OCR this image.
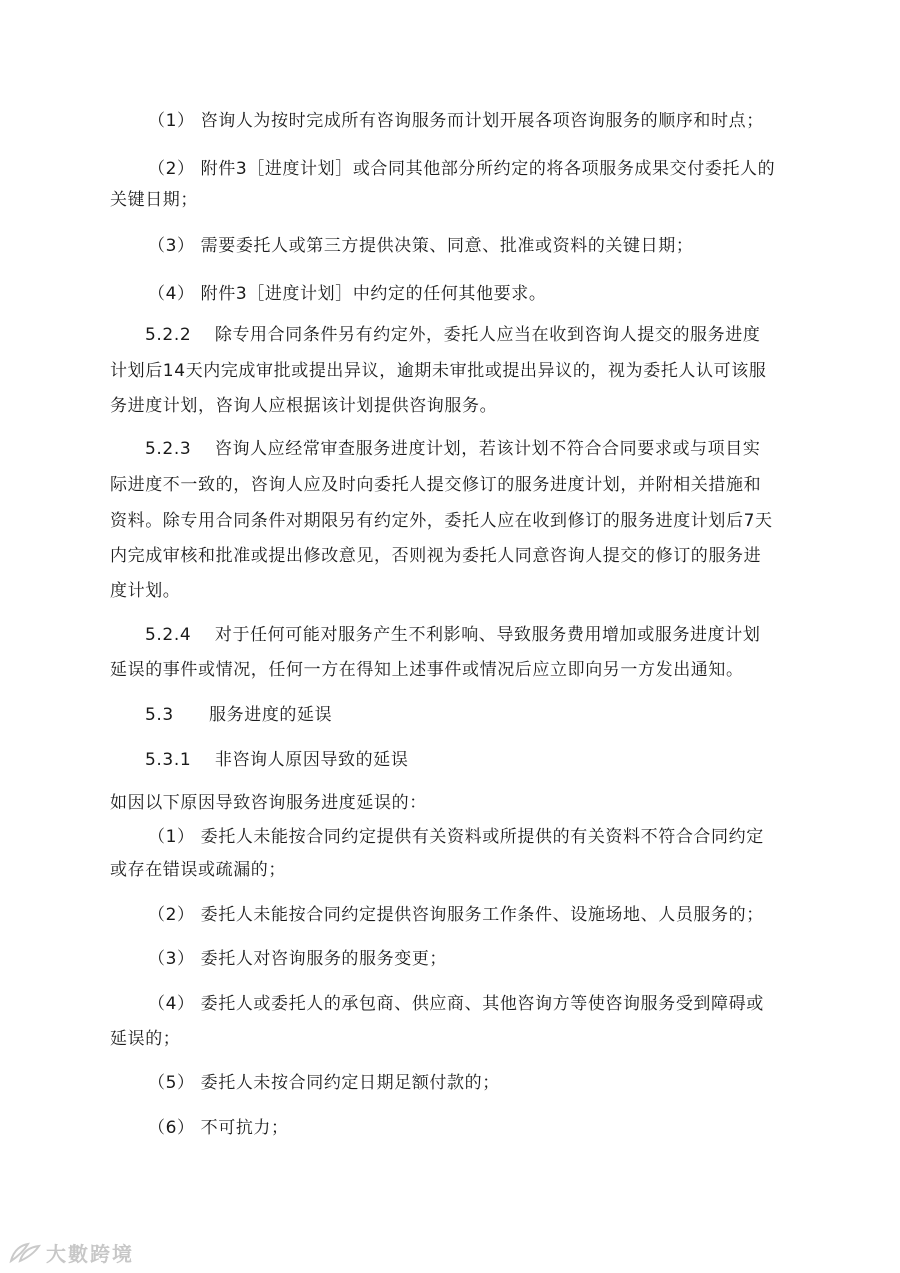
（1） 咨询人为按时完成所有咨询服务而计划开展各项咨询服务的顺序和时点；
（2） 附件3［进度计划］或合同其他部分所约定的将各项服务成果交付委托人的
关键日期；
（3） 需要委托人或第三方提供决策、同意、批准或资料的关键日期；
（4） 附件3［进度计划］中约定的任何其他要求。
5.2.2　 除专用合同条件另有约定外，委托人应当在收到咨询人提交的服务进度
计划后14天内完成审批或提出异议，逾期未审批或提出异议的，视为委托人认可该服
务进度计划，咨询人应根据该计划提供咨询服务。
5.2.3　 咨询人应经常审查服务进度计划，若该计划不符合合同要求或与项目实
际进度不一致的，咨询人应及时向委托人提交修订的服务进度计划，并附相关措施和
资料。除专用合同条件对期限另有约定外，委托人应在收到修订的服务进度计划后7天
内完成审核和批准或提出修改意见，否则视为委托人同意咨询人提交的修订的服务进
度计划。
5.2.4　 对于任何可能对服务产生不利影响、导致服务费用增加或服务进度计划
延误的事件或情况，任何一方在得知上述事件或情况后应立即向另一方发出通知。
5.3　　服务进度的延误
5.3.1　 非咨询人原因导致的延误
如因以下原因导致咨询服务进度延误的：
（1） 委托人未能按合同约定提供有关资料或所提供的有关资料不符合合同约定
或存在错误或疏漏的；
（2） 委托人未能按合同约定提供咨询服务工作条件、设施场地、人员服务的；
（3） 委托人对咨询服务的服务变更；
（4） 委托人或委托人的承包商、供应商、其他咨询方等使咨询服务受到障碍或
延误的；
（5） 委托人未按合同约定日期足额付款的；
（6） 不可抗力；
大數跨境
